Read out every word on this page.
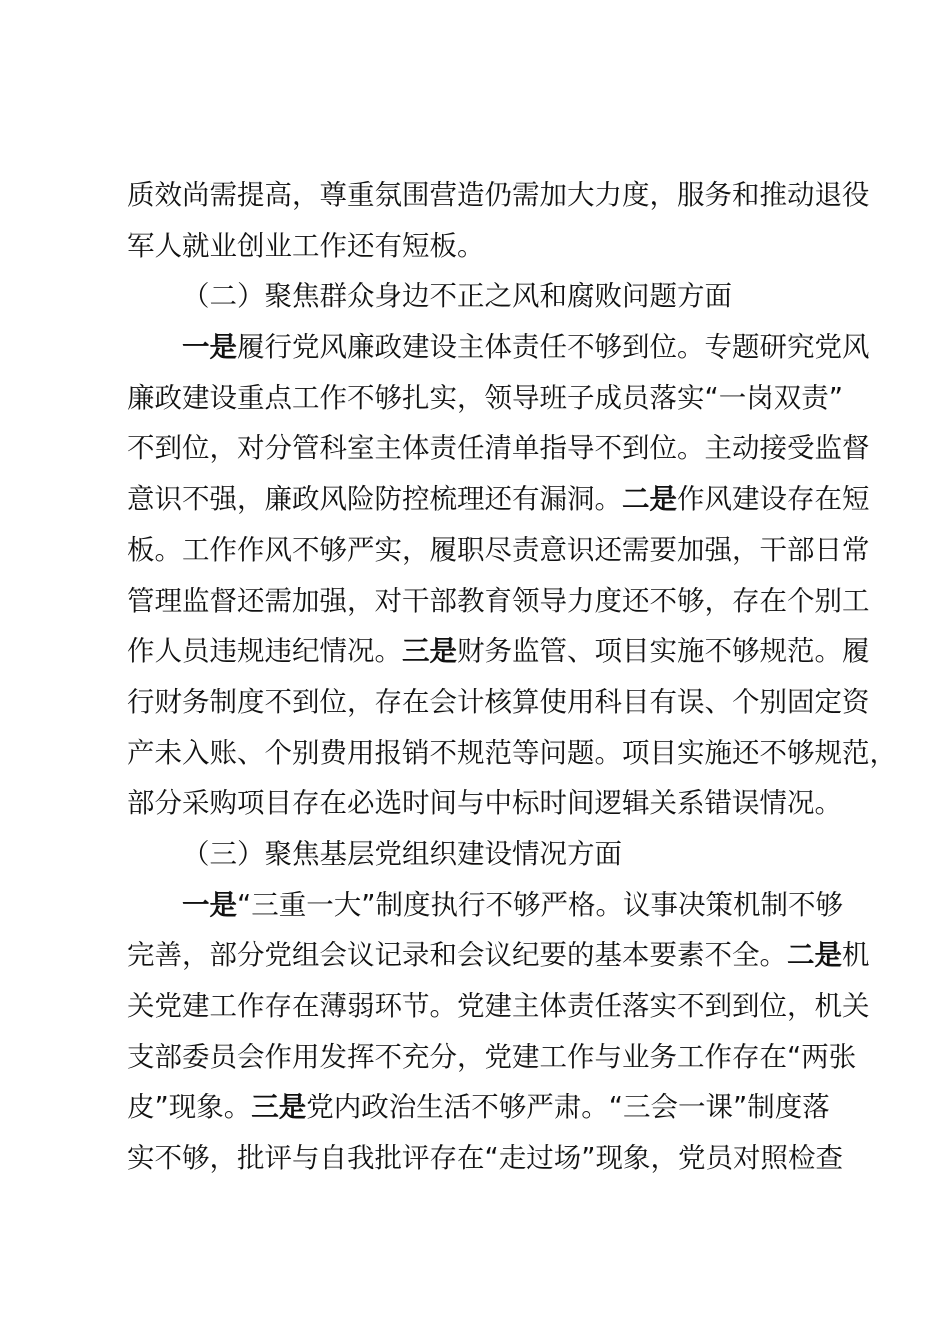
质效尚需提高，尊重氛围营造仍需加大力度，服务和推动退役
军人就业创业工作还有短板。
（二）聚焦群众身边不正之风和腐败问题方面
一是履行党风廉政建设主体责任不够到位。专题研究党风
廉政建设重点工作不够扎实，领导班子成员落实“一岗双责”
不到位，对分管科室主体责任清单指导不到位。主动接受监督
意识不强，廉政风险防控梳理还有漏洞。二是作风建设存在短
板。工作作风不够严实，履职尽责意识还需要加强，干部日常
管理监督还需加强，对干部教育领导力度还不够，存在个别工
作人员违规违纪情况。三是财务监管、项目实施不够规范。履
行财务制度不到位，存在会计核算使用科目有误、个别固定资
产未入账、个别费用报销不规范等问题。项目实施还不够规范，
部分采购项目存在必选时间与中标时间逻辑关系错误情况。
（三）聚焦基层党组织建设情况方面
一是“三重一大”制度执行不够严格。议事决策机制不够
完善，部分党组会议记录和会议纪要的基本要素不全。二是机
关党建工作存在薄弱环节。党建主体责任落实不到到位，机关
支部委员会作用发挥不充分，党建工作与业务工作存在“两张
皮”现象。三是党内政治生活不够严肃。“三会一课”制度落
实不够，批评与自我批评存在“走过场”现象，党员对照检查
